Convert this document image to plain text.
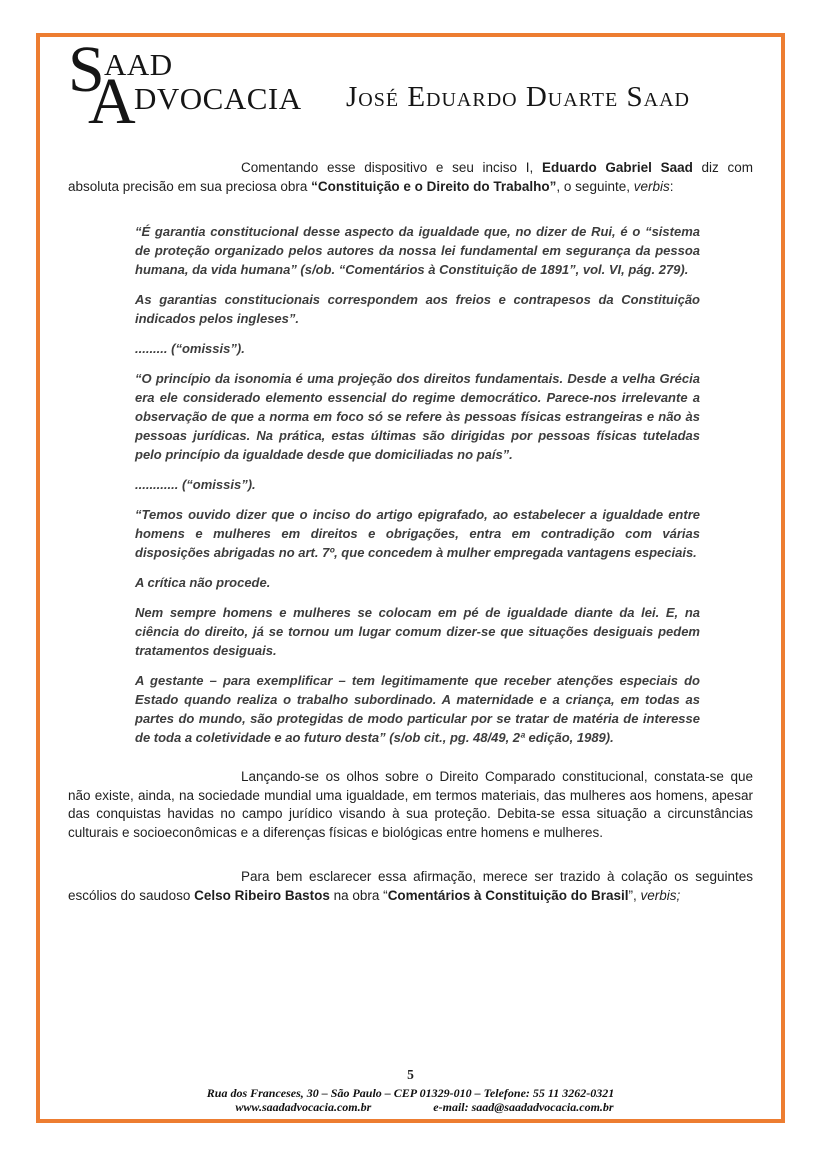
S AAD
A
DVOCACIA José Eduardo Duarte Saad

Comentando esse dispositivo e seu inciso I, Eduardo Gabriel Saad diz com absoluta precisão em sua preciosa obra “Constituição e o Direito do Trabalho”, o seguinte, verbis:

“É garantia constitucional desse aspecto da igualdade que, no dizer de Rui, é o “sistema de proteção organizado pelos autores da nossa lei fundamental em segurança da pessoa humana, da vida humana” (s/ob. “Comentários à Constituição de 1891”, vol. VI, pág. 279).

As garantias constitucionais correspondem aos freios e contrapesos da Constituição indicados pelos ingleses”.

......... (“omissis”).

“O princípio da isonomia é uma projeção dos direitos fundamentais. Desde a velha Grécia era ele considerado elemento essencial do regime democrático. Parece-nos irrelevante a observação de que a norma em foco só se refere às pessoas físicas estrangeiras e não às pessoas jurídicas. Na prática, estas últimas são dirigidas por pessoas físicas tuteladas pelo princípio da igualdade desde que domiciliadas no país”.

............ (“omissis”).

“Temos ouvido dizer que o inciso do artigo epigrafado, ao estabelecer a igualdade entre homens e mulheres em direitos e obrigações, entra em contradição com várias disposições abrigadas no art. 7º, que concedem à mulher empregada vantagens especiais.

A crítica não procede.

Nem sempre homens e mulheres se colocam em pé de igualdade diante da lei. E, na ciência do direito, já se tornou um lugar comum dizer-se que situações desiguais pedem tratamentos desiguais.

A gestante – para exemplificar – tem legitimamente que receber atenções especiais do Estado quando realiza o trabalho subordinado. A maternidade e a criança, em todas as partes do mundo, são protegidas de modo particular por se tratar de matéria de interesse de toda a coletividade e ao futuro desta” (s/ob cit., pg. 48/49, 2ª edição, 1989).

Lançando-se os olhos sobre o Direito Comparado constitucional, constata-se que não existe, ainda, na sociedade mundial uma igualdade, em termos materiais, das mulheres aos homens, apesar das conquistas havidas no campo jurídico visando à sua proteção. Debita-se essa situação a circunstâncias culturais e socioeconômicas e a diferenças físicas e biológicas entre homens e mulheres.

Para bem esclarecer essa afirmação, merece ser trazido à colação os seguintes escólios do saudoso Celso Ribeiro Bastos na obra “Comentários à Constituição do Brasil”, verbis;

5
Rua dos Franceses, 30 – São Paulo – CEP 01329-010 – Telefone: 55 11 3262-0321
www.saadadvocacia.com.br	e-mail: saad@saadadvocacia.com.br
